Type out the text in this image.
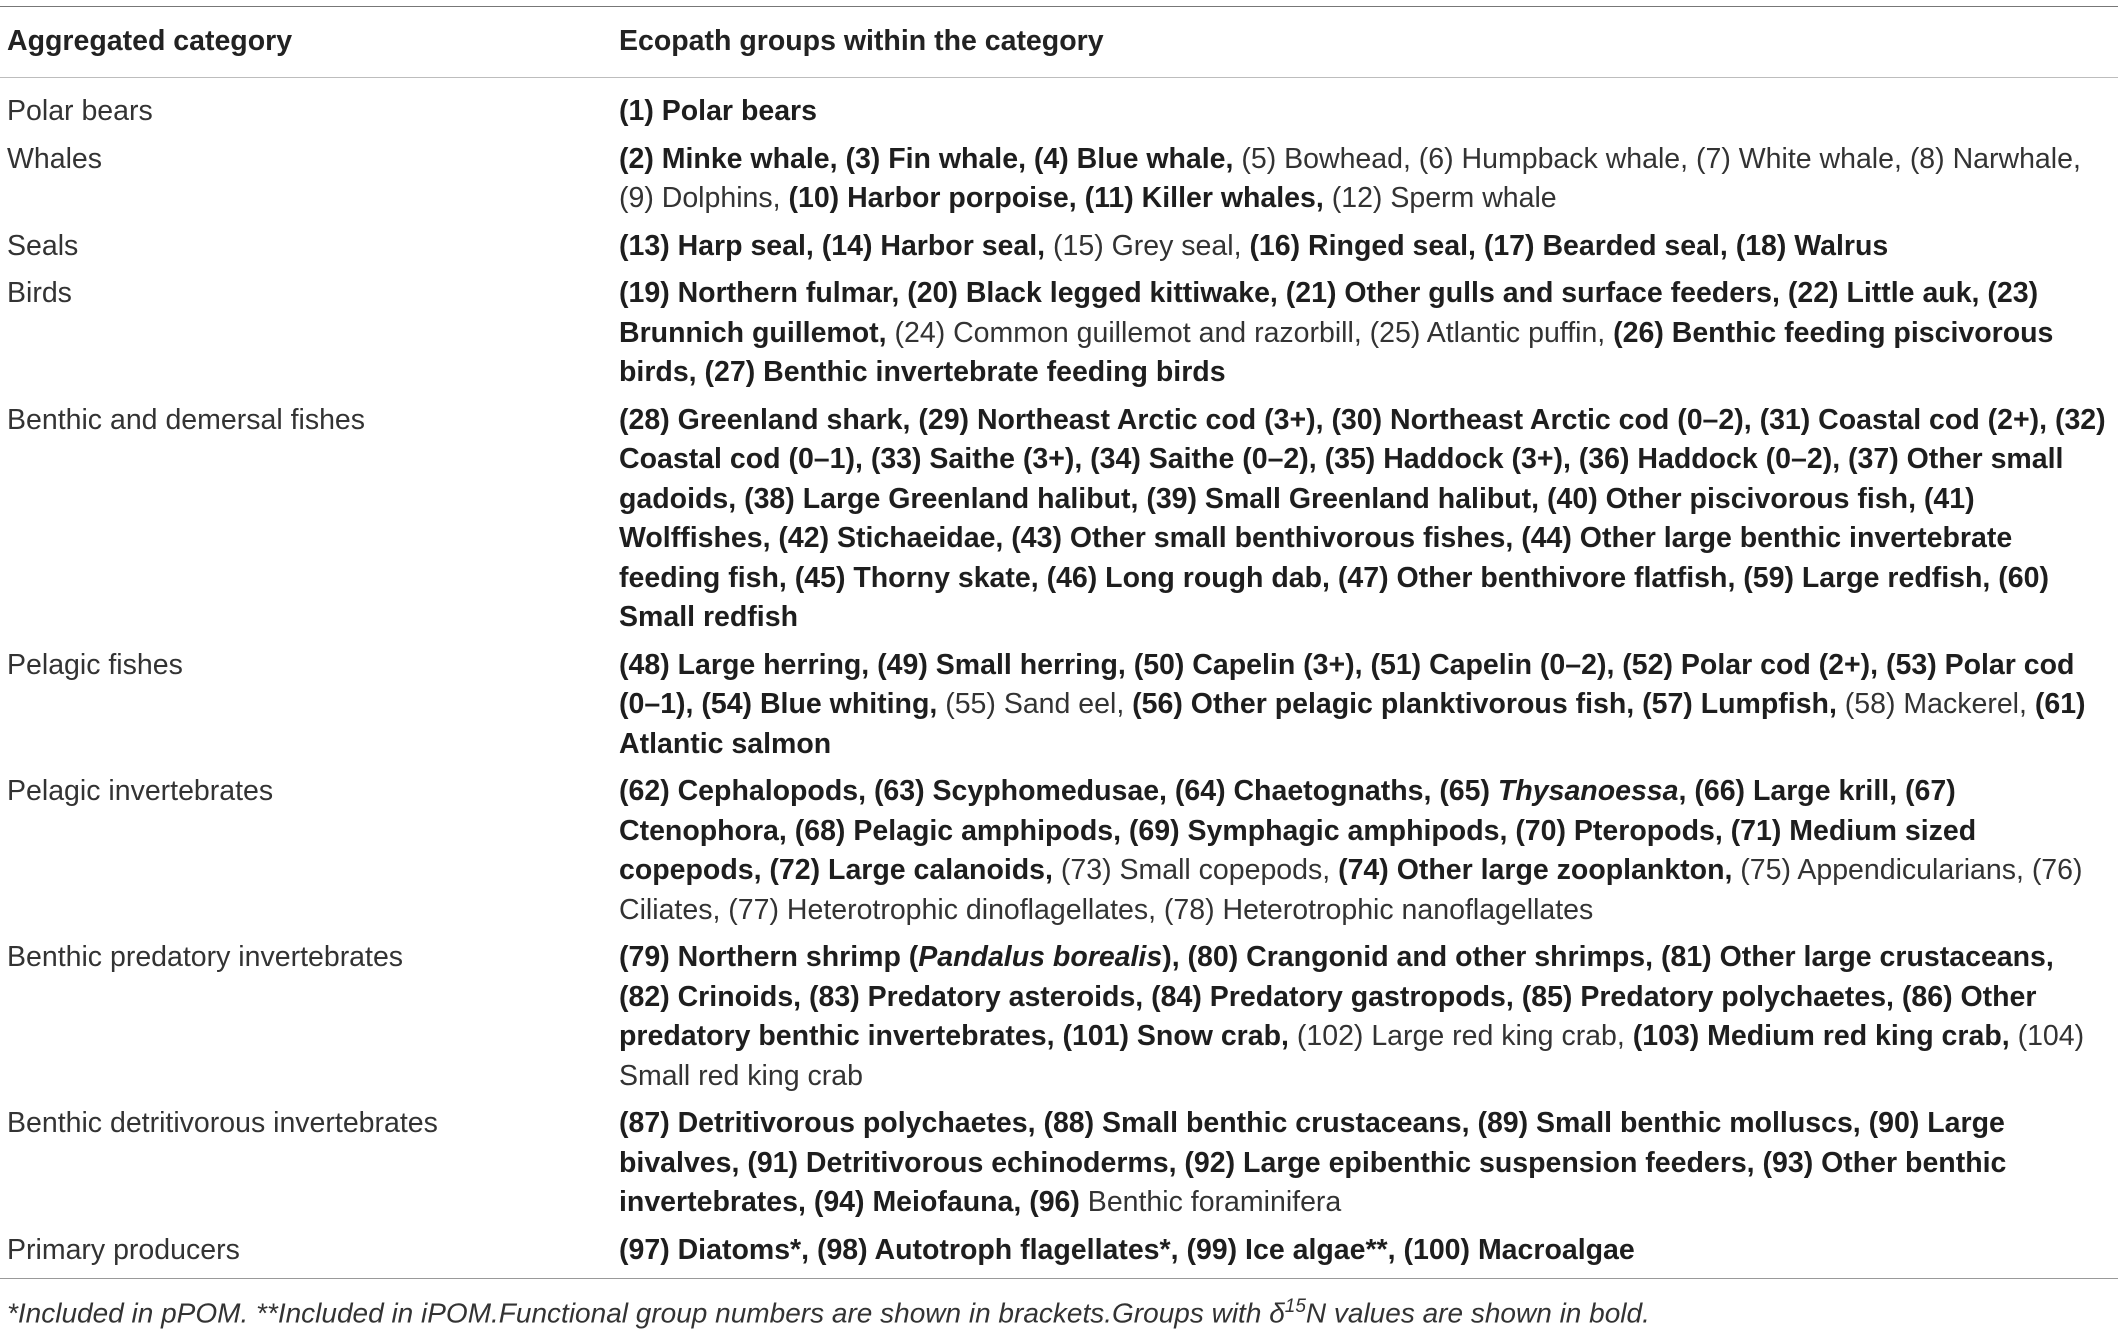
Aggregated category	Ecopath groups within the category
Polar bears	(1) Polar bears
Whales	(2) Minke whale, (3) Fin whale, (4) Blue whale, (5) Bowhead, (6) Humpback whale, (7) White whale, (8) Narwhale, (9) Dolphins, (10) Harbor porpoise, (11) Killer whales, (12) Sperm whale
Seals	(13) Harp seal, (14) Harbor seal, (15) Grey seal, (16) Ringed seal, (17) Bearded seal, (18) Walrus
Birds	(19) Northern fulmar, (20) Black legged kittiwake, (21) Other gulls and surface feeders, (22) Little auk, (23) Brunnich guillemot, (24) Common guillemot and razorbill, (25) Atlantic puffin, (26) Benthic feeding piscivorous birds, (27) Benthic invertebrate feeding birds
Benthic and demersal fishes	(28) Greenland shark, (29) Northeast Arctic cod (3+), (30) Northeast Arctic cod (0–2), (31) Coastal cod (2+), (32) Coastal cod (0–1), (33) Saithe (3+), (34) Saithe (0–2), (35) Haddock (3+), (36) Haddock (0–2), (37) Other small gadoids, (38) Large Greenland halibut, (39) Small Greenland halibut, (40) Other piscivorous fish, (41) Wolffishes, (42) Stichaeidae, (43) Other small benthivorous fishes, (44) Other large benthic invertebrate feeding fish, (45) Thorny skate, (46) Long rough dab, (47) Other benthivore flatfish, (59) Large redfish, (60) Small redfish
Pelagic fishes	(48) Large herring, (49) Small herring, (50) Capelin (3+), (51) Capelin (0–2), (52) Polar cod (2+), (53) Polar cod (0–1), (54) Blue whiting, (55) Sand eel, (56) Other pelagic planktivorous fish, (57) Lumpfish, (58) Mackerel, (61) Atlantic salmon
Pelagic invertebrates	(62) Cephalopods, (63) Scyphomedusae, (64) Chaetognaths, (65) Thysanoessa, (66) Large krill, (67) Ctenophora, (68) Pelagic amphipods, (69) Symphagic amphipods, (70) Pteropods, (71) Medium sized copepods, (72) Large calanoids, (73) Small copepods, (74) Other large zooplankton, (75) Appendicularians, (76) Ciliates, (77) Heterotrophic dinoflagellates, (78) Heterotrophic nanoflagellates
Benthic predatory invertebrates	(79) Northern shrimp (Pandalus borealis), (80) Crangonid and other shrimps, (81) Other large crustaceans, (82) Crinoids, (83) Predatory asteroids, (84) Predatory gastropods, (85) Predatory polychaetes, (86) Other predatory benthic invertebrates, (101) Snow crab, (102) Large red king crab, (103) Medium red king crab, (104) Small red king crab
Benthic detritivorous invertebrates	(87) Detritivorous polychaetes, (88) Small benthic crustaceans, (89) Small benthic molluscs, (90) Large bivalves, (91) Detritivorous echinoderms, (92) Large epibenthic suspension feeders, (93) Other benthic invertebrates, (94) Meiofauna, (96) Benthic foraminifera
Primary producers	(97) Diatoms*, (98) Autotroph flagellates*, (99) Ice algae**, (100) Macroalgae
*Included in pPOM. **Included in iPOM.Functional group numbers are shown in brackets.Groups with $\delta^{15}N$ values are shown in bold.
